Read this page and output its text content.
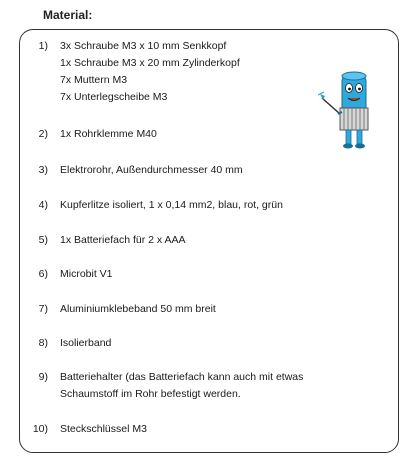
Material:
1) 3x Schraube M3 x 10 mm Senkkopf
1x Schraube M3 x 20 mm Zylinderkopf
7x Muttern M3
7x Unterlegscheibe M3
2) 1x Rohrklemme M40
3) Elektrorohr, Außendurchmesser 40 mm
4) Kupferlitze isoliert, 1 x 0,14 mm2, blau, rot, grün
5) 1x Batteriefach für 2 x AAA
6) Microbit V1
7) Aluminiumklebeband 50 mm breit
8) Isolierband
9) Batteriehalter (das Batteriefach kann auch mit etwas
Schaumstoff im Rohr befestigt werden.
10) Steckschlüssel M3
